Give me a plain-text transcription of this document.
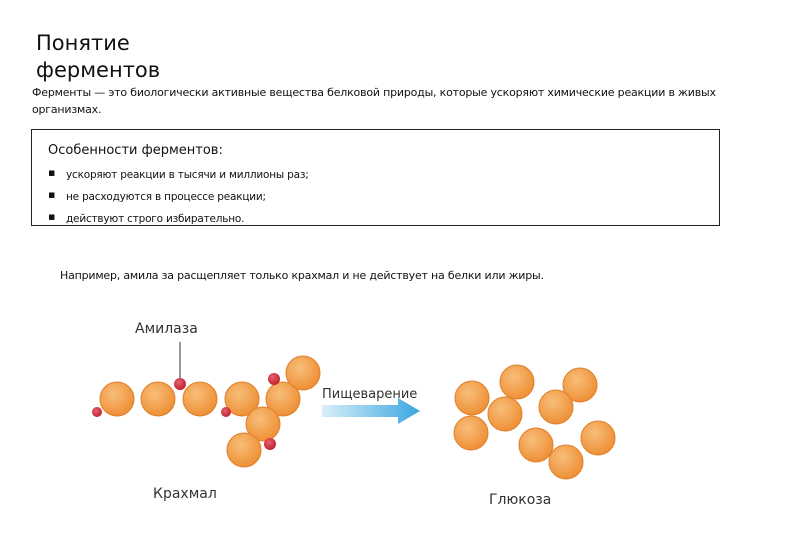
Понятие ферментов
Ферменты — это биологически активные вещества белковой природы, которые ускоряют химические реакции в живых организмах.
Особенности ферментов:
▪ ускоряют реакции в тысячи и миллионы раз;
▪ не расходуются в процессе реакции;
▪ действуют строго избирательно.
Например, амила за расщепляет только крахмал и не действует на белки или жиры.
Амилаза
Пищеварение
Крахмал	Глюкоза
